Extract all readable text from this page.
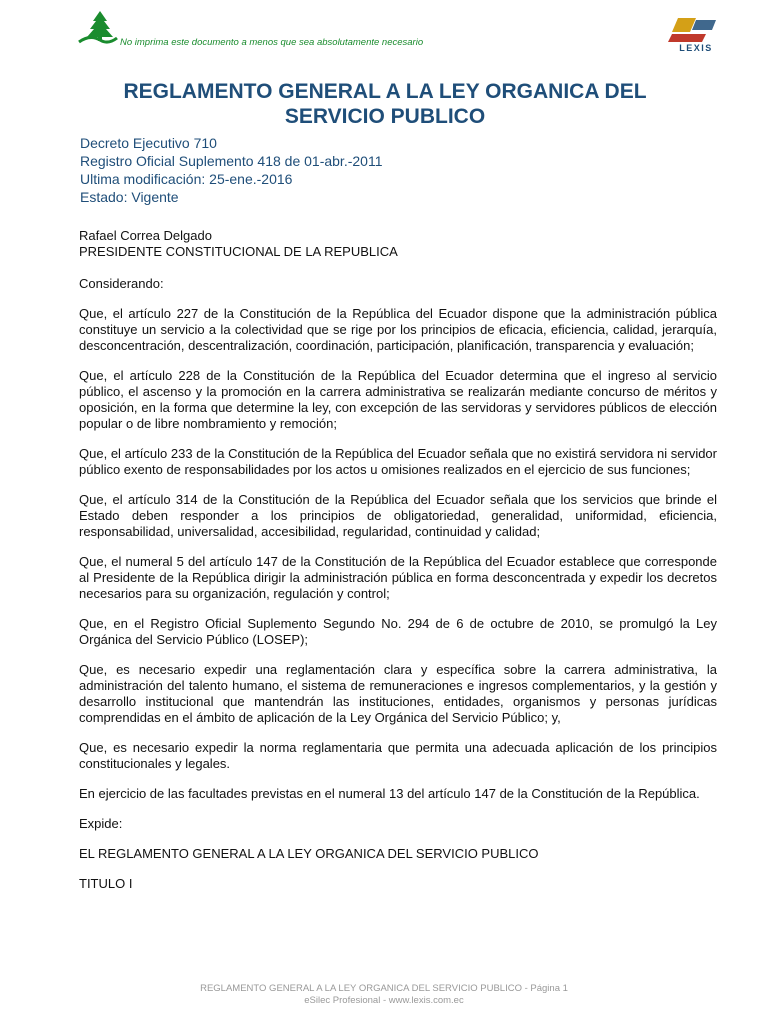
No imprima este documento a menos que sea absolutamente necesario	LEXIS
REGLAMENTO GENERAL A LA LEY ORGANICA DEL
SERVICIO PUBLICO
Decreto Ejecutivo 710
Registro Oficial Suplemento 418 de 01-abr.-2011
Ultima modificación: 25-ene.-2016
Estado: Vigente

Rafael Correa Delgado

PRESIDENTE CONSTITUCIONAL DE LA REPUBLICA

Considerando:

Que, el artículo 227 de la Constitución de la República del Ecuador dispone que la administración pública constituye un servicio a la colectividad que se rige por los principios de eficacia, eficiencia, calidad, jerarquía, desconcentración, descentralización, coordinación, participación, planificación, transparencia y evaluación;

Que, el artículo 228 de la Constitución de la República del Ecuador determina que el ingreso al servicio público, el ascenso y la promoción en la carrera administrativa se realizarán mediante concurso de méritos y oposición, en la forma que determine la ley, con excepción de las servidoras y servidores públicos de elección popular o de libre nombramiento y remoción;

Que, el artículo 233 de la Constitución de la República del Ecuador señala que no existirá servidora ni servidor público exento de responsabilidades por los actos u omisiones realizados en el ejercicio de sus funciones;

Que, el artículo 314 de la Constitución de la República del Ecuador señala que los servicios que brinde el Estado deben responder a los principios de obligatoriedad, generalidad, uniformidad, eficiencia, responsabilidad, universalidad, accesibilidad, regularidad, continuidad y calidad;

Que, el numeral 5 del artículo 147 de la Constitución de la República del Ecuador establece que corresponde al Presidente de la República dirigir la administración pública en forma desconcentrada y expedir los decretos necesarios para su organización, regulación y control;

Que, en el Registro Oficial Suplemento Segundo No. 294 de 6 de octubre de 2010, se promulgó la Ley Orgánica del Servicio Público (LOSEP);

Que, es necesario expedir una reglamentación clara y específica sobre la carrera administrativa, la administración del talento humano, el sistema de remuneraciones e ingresos complementarios, y la gestión y desarrollo institucional que mantendrán las instituciones, entidades, organismos y personas jurídicas comprendidas en el ámbito de aplicación de la Ley Orgánica del Servicio Público; y,

Que, es necesario expedir la norma reglamentaria que permita una adecuada aplicación de los principios constitucionales y legales.

En ejercicio de las facultades previstas en el numeral 13 del artículo 147 de la Constitución de la República.

Expide:

EL REGLAMENTO GENERAL A LA LEY ORGANICA DEL SERVICIO PUBLICO

TITULO I

REGLAMENTO GENERAL A LA LEY ORGANICA DEL SERVICIO PUBLICO - Página 1
eSilec Profesional - www.lexis.com.ec
